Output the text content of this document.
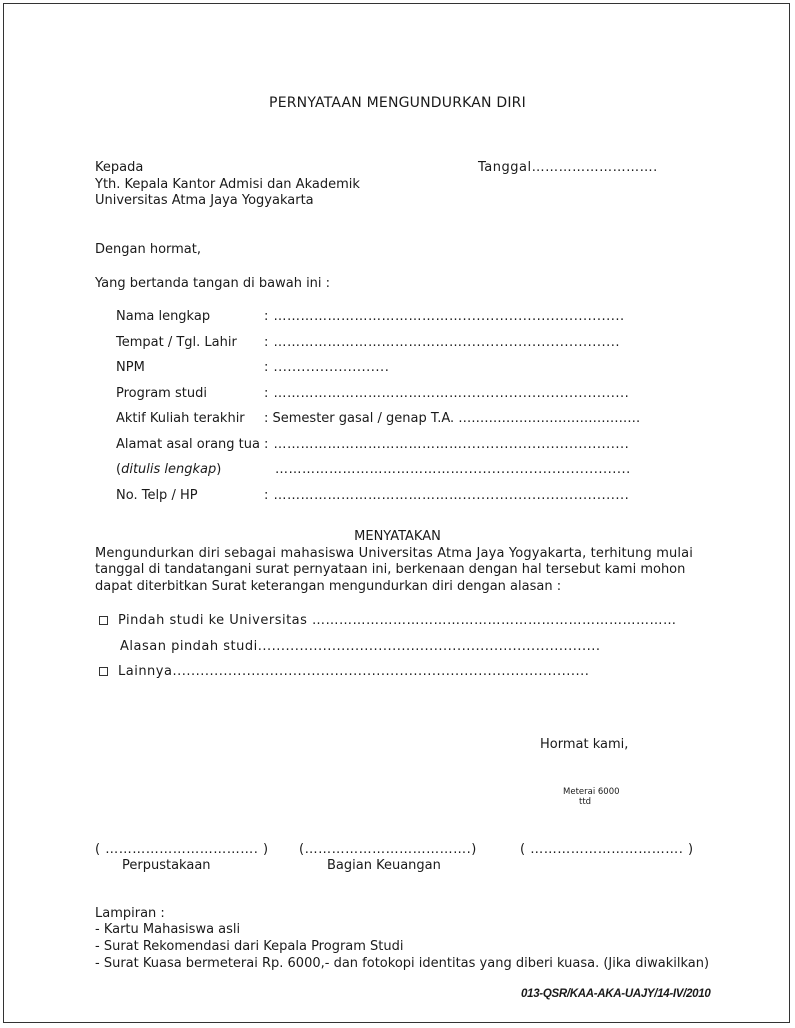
PERNYATAAN MENGUNDURKAN DIRI
Kepada
Yth. Kepala Kantor Admisi dan Akademik
Universitas Atma Jaya Yogyakarta
Tanggal……………………….
Dengan hormat,
Yang bertanda tangan di bawah ini :
Nama lengkap	: ……………………………………...................................
Tempat / Tgl. Lahir : ……………………………………..................................
NPM	: .........................
Program studi	: ……………………………………....................................
Aktif Kuliah terakhir : Semester gasal / genap T.A. ……………………………………
Alamat asal orang tua : ……………………………………....................................
(ditulis lengkap)	……………………………………....................................
No. Telp / HP	: ……………………………………....................................
MENYATAKAN
Mengundurkan diri sebagai mahasiswa Universitas Atma Jaya Yogyakarta, terhitung mulai
tanggal di tandatangani surat pernyataan ini, berkenaan dengan hal tersebut kami mohon
dapat diterbitkan Surat keterangan mengundurkan diri dengan alasan :
Pindah studi ke Universitas ………………………………………………………………………
Alasan pindah studi..........................................................................
Lainnya..........................................................................................
Hormat kami,
Meterai 6000
ttd
( ……………………………. )
Perpustakaan
(……………………………….)
Bagian Keuangan
( ……………………………. )
Lampiran :
- Kartu Mahasiswa asli
- Surat Rekomendasi dari Kepala Program Studi
- Surat Kuasa bermeterai Rp. 6000,- dan fotokopi identitas yang diberi kuasa. (Jika diwakilkan)
013-QSR/KAA-AKA-UAJY/14-IV/2010
